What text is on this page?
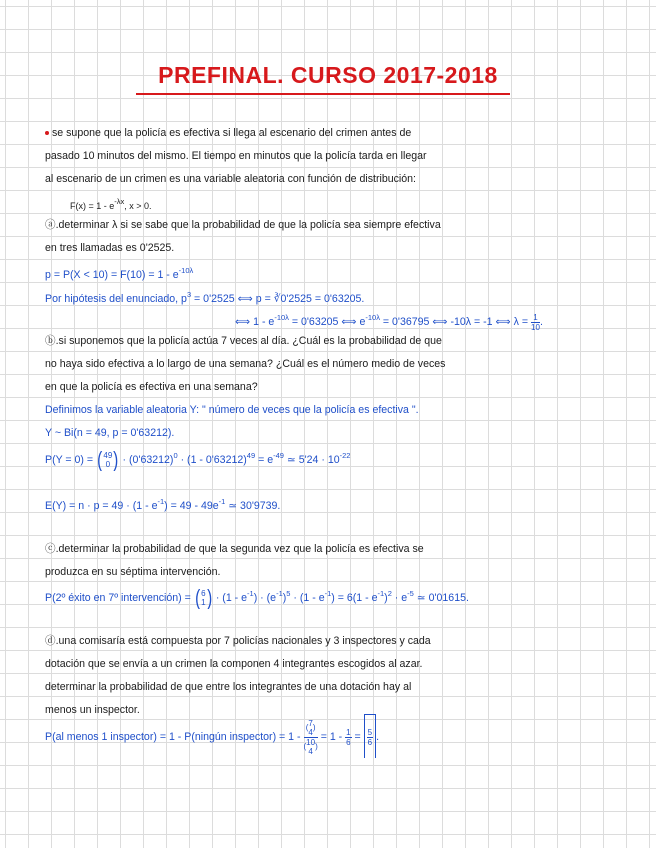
PREFINAL. CURSO 2017-2018
se supone que la policía es efectiva si llega al escenario del crimen antes de
pasado 10 minutos del mismo. El tiempo en minutos que la policía tarda en llegar
al escenario de un crimen es una variable aleatoria con función de distribución:
$F(x) = 1 - e^{-\lambda x}$, x > 0.
ⓐ.determinar λ si se sabe que la probabilidad de que la policía sea siempre efectiva
en tres llamadas es 0'2525.
$p = P(X < 10) = F(10) = 1 - e^{-10\lambda}$
Por hipótesis del enunciado, $p^3 = 0'2525$ ⟺ p = ∛0'2525 = 0'63205.
⟺ $1 - e^{-10\lambda} = 0'63205$ ⟺ $e^{-10\lambda} = 0'36795$ ⟺ -10λ = -1 ⟺ $\lambda = \frac{1}{10}$ .
ⓑ.si suponemos que la policía actúa 7 veces al día. ¿Cuál es la probabilidad de que
no haya sido efectiva a lo largo de una semana? ¿Cuál es el número medio de veces
en que la policía es efectiva en una semana?
Definimos la variable aleatoria Y: " número de veces que la policía es efectiva ".
Y ~ Bi(n = 49, p = 0'63212).
P(Y = 0) = ( 49
0 ) · $(0'63212)^0 \cdot (1 - 0'63212)^{49} = e^{-49}$ ≃ $5'24 \cdot 10^{-22}$
$E(Y) = n \cdot p = 49 \cdot (1 - e^{-1}) = 49 - 49e^{-1}$ ≃ 30'9739.
ⓒ.determinar la probabilidad de que la segunda vez que la policía es efectiva se
produzca en su séptima intervención.
P(2º éxito en 7º intervención) = ( 6
1 ) · $(1 - e^{-1}) \cdot (e^{-1})^5 \cdot (1 - e^{-1}) = 6(1 - e^{-1})^2 \cdot e^{-5}$ ≃ 0'01615.
ⓓ.una comisaría está compuesta por 7 policías nacionales y 3 inspectores y cada
dotación que se envía a un crimen la componen 4 integrantes escogidos al azar.
determinar la probabilidad de que entre los integrantes de una dotación hay al
menos un inspector.
P(al menos 1 inspector) = 1 - P(ningún inspector) = 1 - ( 7
4
)
( 10
4
) = $1 - \frac{1}{6} = \frac{5}{6}$ .
